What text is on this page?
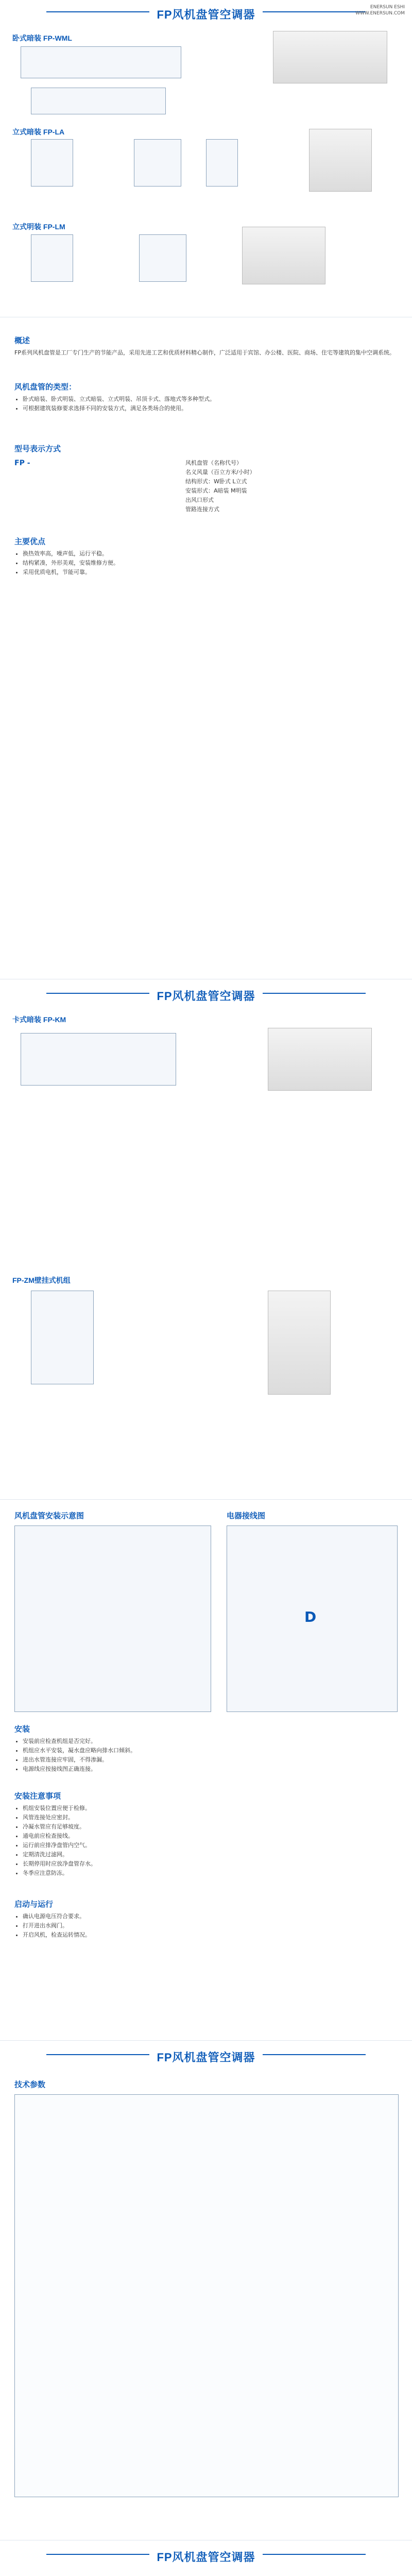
FP风机盘管空调器
ENERSUN ESHI
WWW.ENERSUN.COM
卧式暗装 FP-WML
立式暗装 FP-LA
立式明装 FP-LM
概述
FP系列风机盘管是工厂专门生产的节能产品，采用先进工艺和优质材料精心制作，广泛适用于宾馆、办公楼、医院、商场、住宅等建筑的集中空调系统。
风机盘管的类型：
• 卧式暗装、卧式明装、立式暗装、立式明装、吊顶卡式、落地式等多种型式。
• 可根据建筑装修要求选择不同的安装方式，满足各类场合的使用。
型号表示方式
FP -	风机盘管（名称代号）
名义风量（百立方米/小时）
结构形式：W卧式 L立式
安装形式：A暗装 M明装
出风口形式
管路连接方式
主要优点
• 换热效率高，噪声低，运行平稳。
• 结构紧凑，外形美观，安装维修方便。
• 采用优质电机，节能可靠。
FP风机盘管空调器
卡式暗装 FP-KM
FP-ZM壁挂式机组
风机盘管安装示意图	电器接线图
D
安装
• 安装前应检查机组是否完好。
• 机组应水平安装，凝水盘应略向排水口倾斜。
• 进出水管连接应牢固，不得渗漏。
• 电源线应按接线图正确连接。
安装注意事项
• 机组安装位置应便于检修。
• 风管连接处应密封。
• 冷凝水管应有足够坡度。
• 通电前应检查接线。
• 运行前应排净盘管内空气。
• 定期清洗过滤网。
• 长期停用时应放净盘管存水。
• 冬季应注意防冻。
启动与运行
• 确认电源电压符合要求。
• 打开进出水阀门。
• 开启风机，检查运转情况。
FP风机盘管空调器
技术参数
FP风机盘管空调器
